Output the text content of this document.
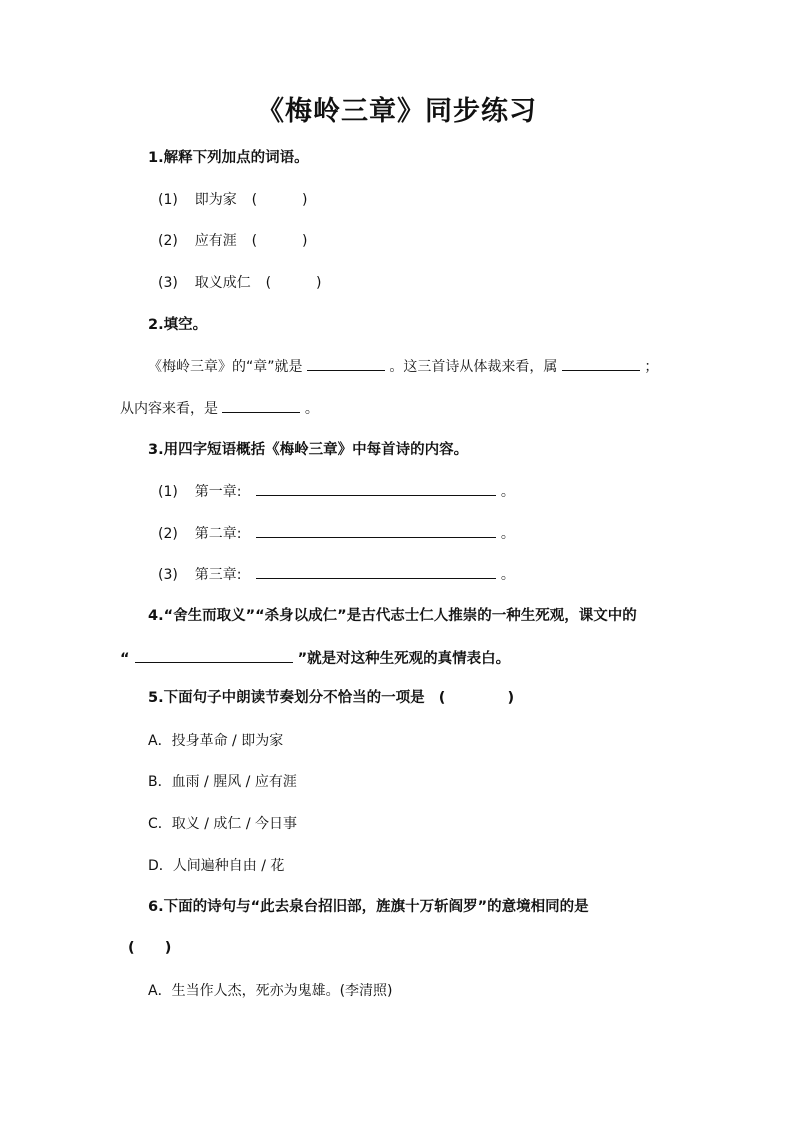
《梅岭三章》同步练习
1.解释下列加点的词语。
(1) 即为家 (	)
(2) 应有涯 (	)
(3) 取义成仁 (	)
2.填空。
《梅岭三章》的“章”就是	。这三首诗从体裁来看，属	；
从内容来看，是	。
3.用四字短语概括《梅岭三章》中每首诗的内容。
(1) 第一章:	。
(2) 第二章:	。
(3) 第三章:	。
4.“舍生而取义”“杀身以成仁”是古代志士仁人推崇的一种生死观，课文中的
“	”就是对这种生死观的真情表白。
5.下面句子中朗读节奏划分不恰当的一项是 (	)
A．投身革命 / 即为家
B．血雨 / 腥风 / 应有涯
C．取义 / 成仁 / 今日事
D．人间遍种自由 / 花
6.下面的诗句与“此去泉台招旧部，旌旗十万斩阎罗”的意境相同的是
( )
A．生当作人杰，死亦为鬼雄。(李清照)
